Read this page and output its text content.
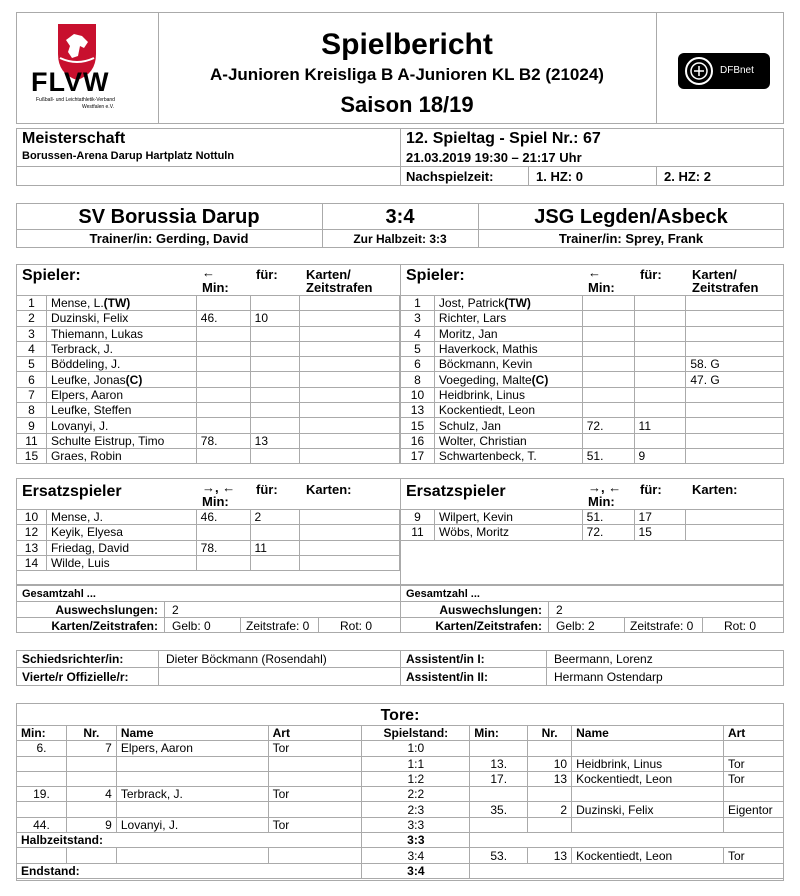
FLVW
Fußball- und Leichtathletik-Verband
Westfalen e.V.
Spielbericht
A-Junioren Kreisliga B A-Junioren KL B2 (21024)
Saison 18/19
DFBnet
Meisterschaft
Borussen-Arena Darup Hartplatz Nottuln
12. Spieltag - Spiel Nr.: 67
21.03.2019 19:30 – 21:17 Uhr
Nachspielzeit:	1. HZ: 0	2. HZ: 2
SV Borussia Darup	3:4	JSG Legden/Asbeck
Trainer/in: Gerding, David	Zur Halbzeit: 3:3	Trainer/in: Sprey, Frank
Spieler:	←
Min:
für: Karten/
Zeitstrafen
Spieler:	←
Min:
für: Karten/
Zeitstrafen
1	Mense, L.(TW)			
2	Duzinski, Felix	46.	10	
3	Thiemann, Lukas			
4	Terbrack, J.			
5	Böddeling, J.			
6	Leufke, Jonas(C)			
7	Elpers, Aaron			
8	Leufke, Steffen			
9	Lovanyi, J.			
11	Schulte Eistrup, Timo	78.	13	
15	Graes, Robin			
1	Jost, Patrick(TW)			
3	Richter, Lars			
4	Moritz, Jan			
5	Haverkock, Mathis			
6	Böckmann, Kevin			58. G
8	Voegeding, Malte(C)			47. G
10	Heidbrink, Linus			
13	Kockentiedt, Leon			
15	Schulz, Jan	72.	11	
16	Wolter, Christian			
17	Schwartenbeck, T.	51.	9	
Ersatzspieler	→, ←
Min:
für: Karten:	Ersatzspieler	→, ←
Min:
für: Karten:
10	Mense, J.	46.	2	
12	Keyik, Elyesa			
13	Friedag, David	78.	11	
14	Wilde, Luis			
9	Wilpert, Kevin	51.	17	
11	Wöbs, Moritz	72.	15	
Gesamtzahl ...
Auswechslungen: 2
Karten/Zeitstrafen: Gelb: 0	Zeitstrafe: 0	Rot: 0
Gesamtzahl ...
Auswechslungen: 2
Karten/Zeitstrafen: Gelb: 2	Zeitstrafe: 0	Rot: 0
Schiedsrichter/in:	Dieter Böckmann (Rosendahl)
Vierte/r Offizielle/r:
Assistent/in I:	Beermann, Lorenz
Assistent/in II:	Hermann Ostendarp
Tore:
Min:	Nr.	Name	Art	Spielstand:	Min:	Nr.	Name	Art
6.	7	Elpers, Aaron	Tor	1:0				
				1:1	13.	10	Heidbrink, Linus	Tor
				1:2	17.	13	Kockentiedt, Leon	Tor
19.	4	Terbrack, J.	Tor	2:2				
				2:3	35.	2	Duzinski, Felix	Eigentor
44.	9	Lovanyi, J.	Tor	3:3				
Halbzeitstand:				3:3				
				3:4	53.	13	Kockentiedt, Leon	Tor
Endstand:				3:4				
